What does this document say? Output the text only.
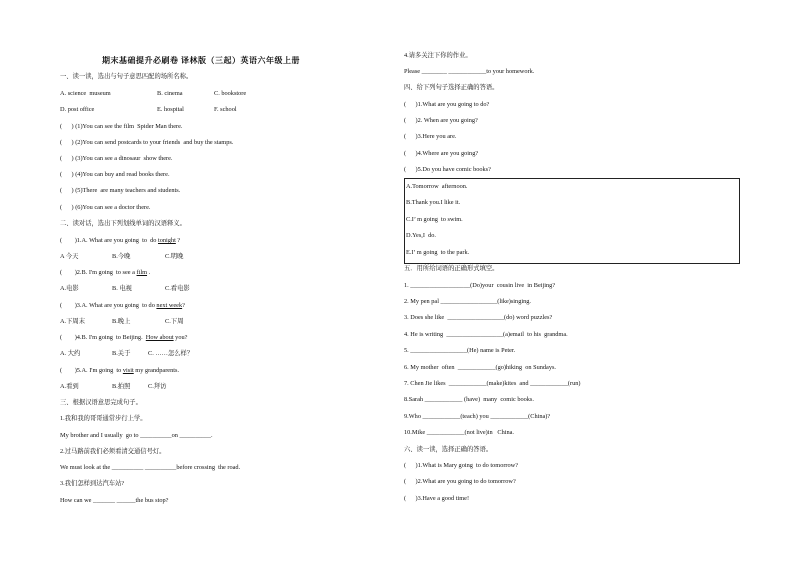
期末基础提升必刷卷 译林版（三起）英语六年级上册
一、读一读，选出与句子意思匹配的场所名称。
A. science  museum	B. cinema	C. bookstore
D. post office	E. hospital	F. school
(      ) (1)You can see the film  Spider Man there.
(      ) (2)You can send postcards to your friends  and buy the stamps.
(      ) (3)You can see a dinosaur  show there.
(      ) (4)You can buy and read books there.
(      ) (5)There  are many teachers and students.
(      ) (6)You can see a doctor there.
二、读对话，选出下列划线单词的汉语释义。
(        )1.A. What are you going  to  do tonight ?
A 今天	B.今晚	C.明晚
(        )2.B. I'm going  to see a film .
A.电影	B. 电视	C.看电影
(        )3.A. What are you going  to do next week?
A.下周末	B.晚上	C.下周
(        )4.B. I'm going  to Beijing.  How about you?
A. 大约	B.关于	C. ……怎么样？
(        )5.A. I'm going  to visit my grandparents.
A.看到	B.拍照	C.拜访
三、根据汉语意思完成句子。
1.我和我的哥哥通常步行上学。
My brother and I usually  go to __________on __________.
2.过马路前我们必须看清交通信号灯。
We must look at the __________ __________before crossing  the road.
3.我们怎样到达汽车站?
How can we _______ ______the bus stop?
4.请多关注下你的作业。
Please ________ ____________to your homework.
四、给下列句子选择正确的答语。
(      )1.What are you going to do?
(      )2. When are you going?
(      )3.Here you are.
(      )4.Where are you going?
(      )5.Do you have comic books?
A.Tomorrow  afternoon.
B.Thank you.I like it.
C.I’ m going  to swim.
D.Yes,I  do.
E.I’ m going  to the park.
五．用所给词语的正确形式填空。
1. ___________________(Do)your  cousin live  in Beijing?
2. My pen pal __________________(like)singing.
3. Does she like  __________________(do) word puzzles?
4. He is writing  __________________(a)email  to his  grandma.
5. __________________(He) name is Peter.
6. My mother  often  ____________(go)hiking  on Sundays.
7. Chen Jie likes  ____________(make)kites  and ____________(run)
8.Sarah ____________ (have)  many  comic books.
9.Who ____________(teach) you ____________(China)?
10.Mike ____________(not live)in   China.
六、读一读，选择正确的答语。
(      )1.What is Mary going  to do tomorrow?
(      )2.What are you going to do tomorrow?
(      )3.Have a good time!
